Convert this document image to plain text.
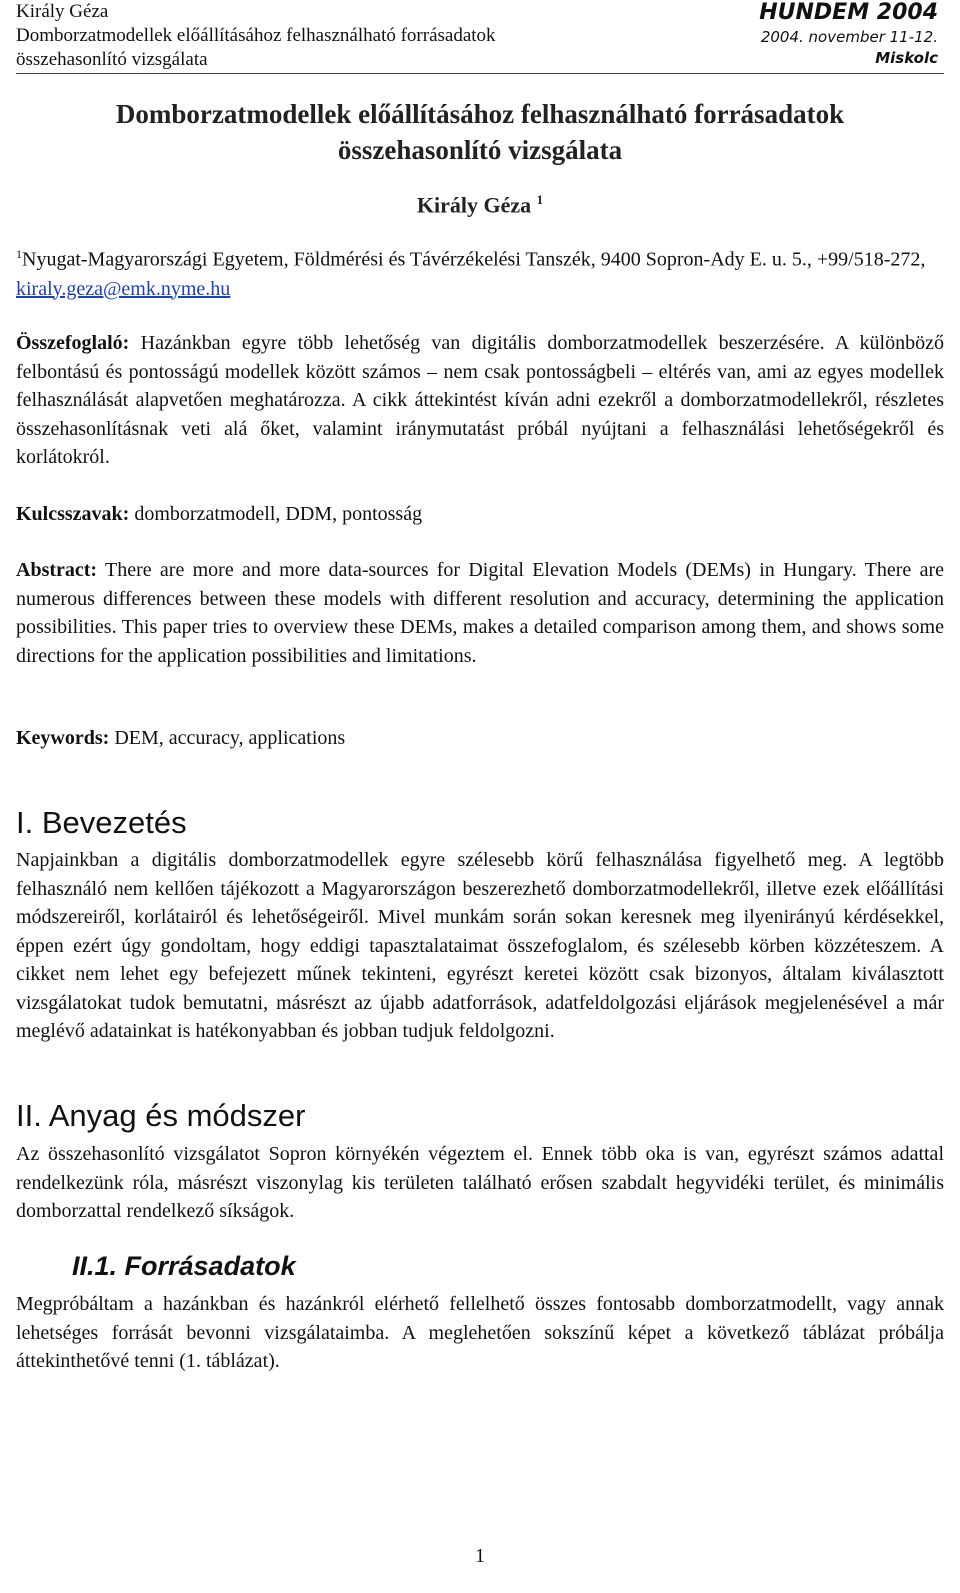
Király Géza
Domborzatmodellek előállításához felhasználható forrásadatok
összehasonlító vizsgálata
HUNDEM 2004
2004. november 11-12.
Miskolc
Domborzatmodellek előállításához felhasználható forrásadatok
összehasonlító vizsgálata
Király Géza $^1$
$^1$Nyugat-Magyarországi Egyetem, Földmérési és Távérzékelési Tanszék, 9400 Sopron-Ady E. u. 5., +99/518-272, kiraly.geza@emk.nyme.hu
Összefoglaló: Hazánkban egyre több lehetőség van digitális domborzatmodellek beszerzésére. A különböző felbontású és pontosságú modellek között számos – nem csak pontosságbeli – eltérés van, ami az egyes modellek felhasználását alapvetően meghatározza. A cikk áttekintést kíván adni ezekről a domborzatmodellekről, részletes összehasonlításnak veti alá őket, valamint iránymutatást próbál nyújtani a felhasználási lehetőségekről és korlátokról.
Kulcsszavak: domborzatmodell, DDM, pontosság
Abstract: There are more and more data-sources for Digital Elevation Models (DEMs) in Hungary. There are numerous differences between these models with different resolution and accuracy, determining the application possibilities. This paper tries to overview these DEMs, makes a detailed comparison among them, and shows some directions for the application possibilities and limitations.
Keywords: DEM, accuracy, applications
I. Bevezetés
Napjainkban a digitális domborzatmodellek egyre szélesebb körű felhasználása figyelhető meg. A legtöbb felhasználó nem kellően tájékozott a Magyarországon beszerezhető domborzatmodellekről, illetve ezek előállítási módszereiről, korlátairól és lehetőségeiről. Mivel munkám során sokan keresnek meg ilyenirányú kérdésekkel, éppen ezért úgy gondoltam, hogy eddigi tapasztalataimat összefoglalom, és szélesebb körben közzéteszem. A cikket nem lehet egy befejezett műnek tekinteni, egyrészt keretei között csak bizonyos, általam kiválasztott vizsgálatokat tudok bemutatni, másrészt az újabb adatforrások, adatfeldolgozási eljárások megjelenésével a már meglévő adatainkat is hatékonyabban és jobban tudjuk feldolgozni.
II. Anyag és módszer
Az összehasonlító vizsgálatot Sopron környékén végeztem el. Ennek több oka is van, egyrészt számos adattal rendelkezünk róla, másrészt viszonylag kis területen található erősen szabdalt hegyvidéki terület, és minimális domborzattal rendelkező síkságok.
II.1. Forrásadatok
Megpróbáltam a hazánkban és hazánkról elérhető fellelhető összes fontosabb domborzatmodellt, vagy annak lehetséges forrását bevonni vizsgálataimba. A meglehetően sokszínű képet a következő táblázat próbálja áttekinthetővé tenni (1. táblázat).
1
